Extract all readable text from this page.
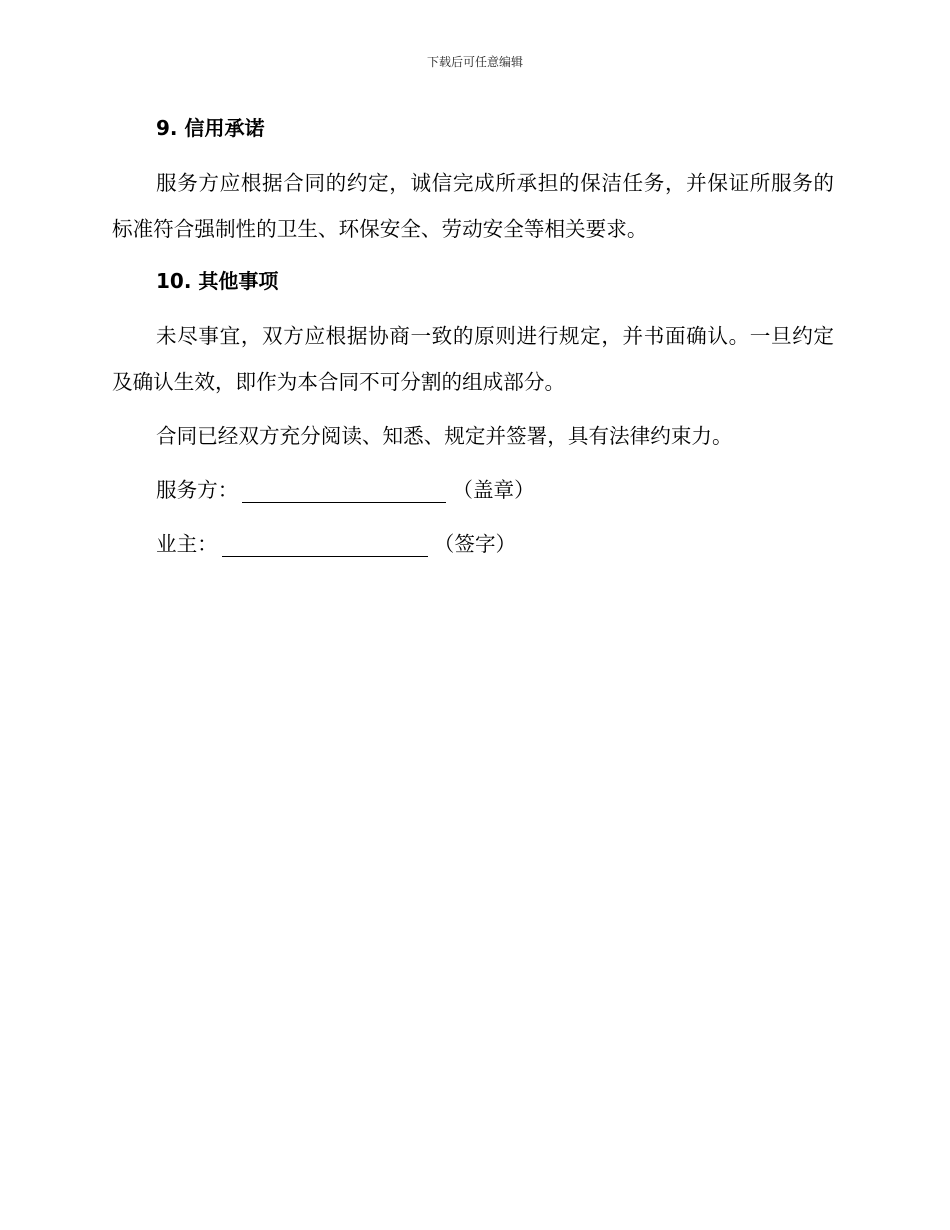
下载后可任意编辑
9. 信用承诺
服务方应根据合同的约定，诚信完成所承担的保洁任务，并保证所服务的标准符合强制性的卫生、环保安全、劳动安全等相关要求。
10. 其他事项
未尽事宜，双方应根据协商一致的原则进行规定，并书面确认。一旦约定及确认生效，即作为本合同不可分割的组成部分。
合同已经双方充分阅读、知悉、规定并签署，具有法律约束力。
服务方：	（盖章）
业主：	（签字）
